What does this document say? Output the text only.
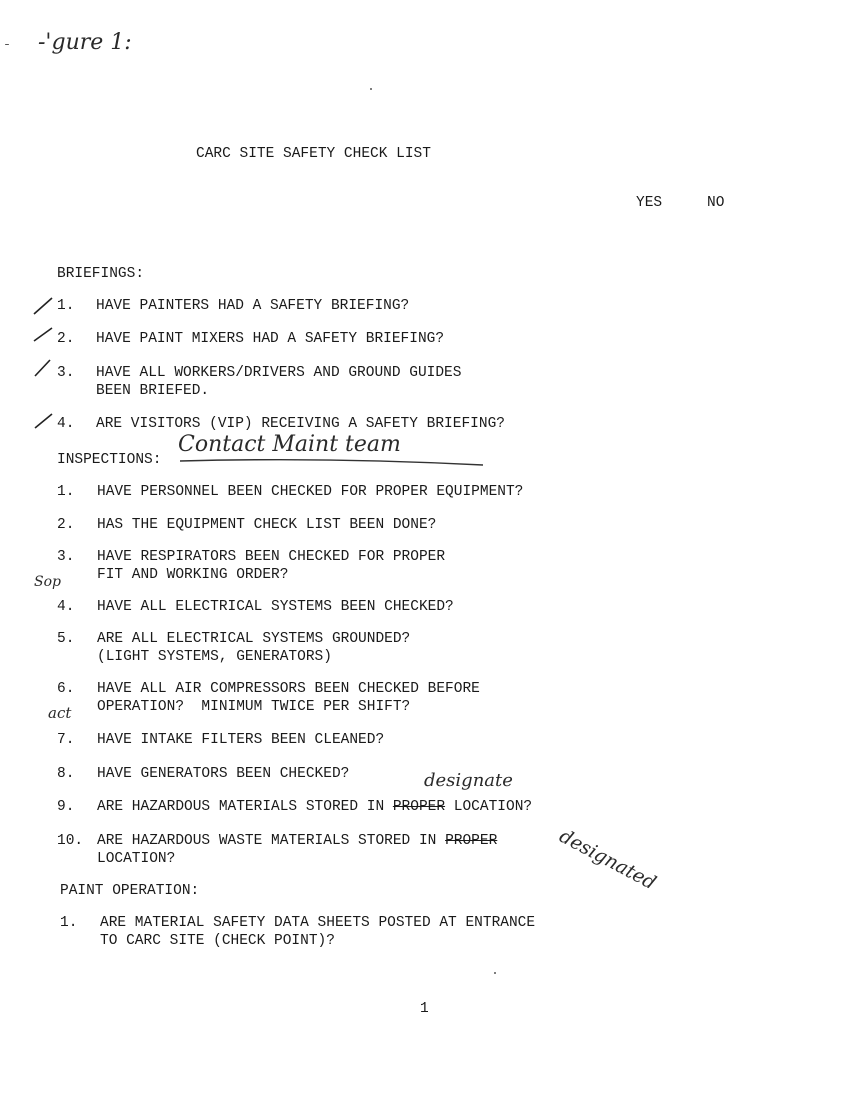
-'gure 1:
CARC SITE SAFETY CHECK LIST
YES	NO
BRIEFINGS:
1. HAVE PAINTERS HAD A SAFETY BRIEFING?
2. HAVE PAINT MIXERS HAD A SAFETY BRIEFING?
3. HAVE ALL WORKERS/DRIVERS AND GROUND GUIDES
BEEN BRIEFED.
4. ARE VISITORS (VIP) RECEIVING A SAFETY BRIEFING?
INSPECTIONS:
Contact Maint team
1. HAVE PERSONNEL BEEN CHECKED FOR PROPER EQUIPMENT?
2. HAS THE EQUIPMENT CHECK LIST BEEN DONE?
3. HAVE RESPIRATORS BEEN CHECKED FOR PROPER
FIT AND WORKING ORDER?
Sop
4. HAVE ALL ELECTRICAL SYSTEMS BEEN CHECKED?
5. ARE ALL ELECTRICAL SYSTEMS GROUNDED?
(LIGHT SYSTEMS, GENERATORS)
6. HAVE ALL AIR COMPRESSORS BEEN CHECKED BEFORE
OPERATION?  MINIMUM TWICE PER SHIFT?
act
7. HAVE INTAKE FILTERS BEEN CLEANED?
8. HAVE GENERATORS BEEN CHECKED?
9. ARE HAZARDOUS MATERIALS STORED IN PROPER LOCATION?
designate
10. ARE HAZARDOUS WASTE MATERIALS STORED IN PROPER
LOCATION?	designated
PAINT OPERATION:
1. ARE MATERIAL SAFETY DATA SHEETS POSTED AT ENTRANCE
TO CARC SITE (CHECK POINT)?
1
